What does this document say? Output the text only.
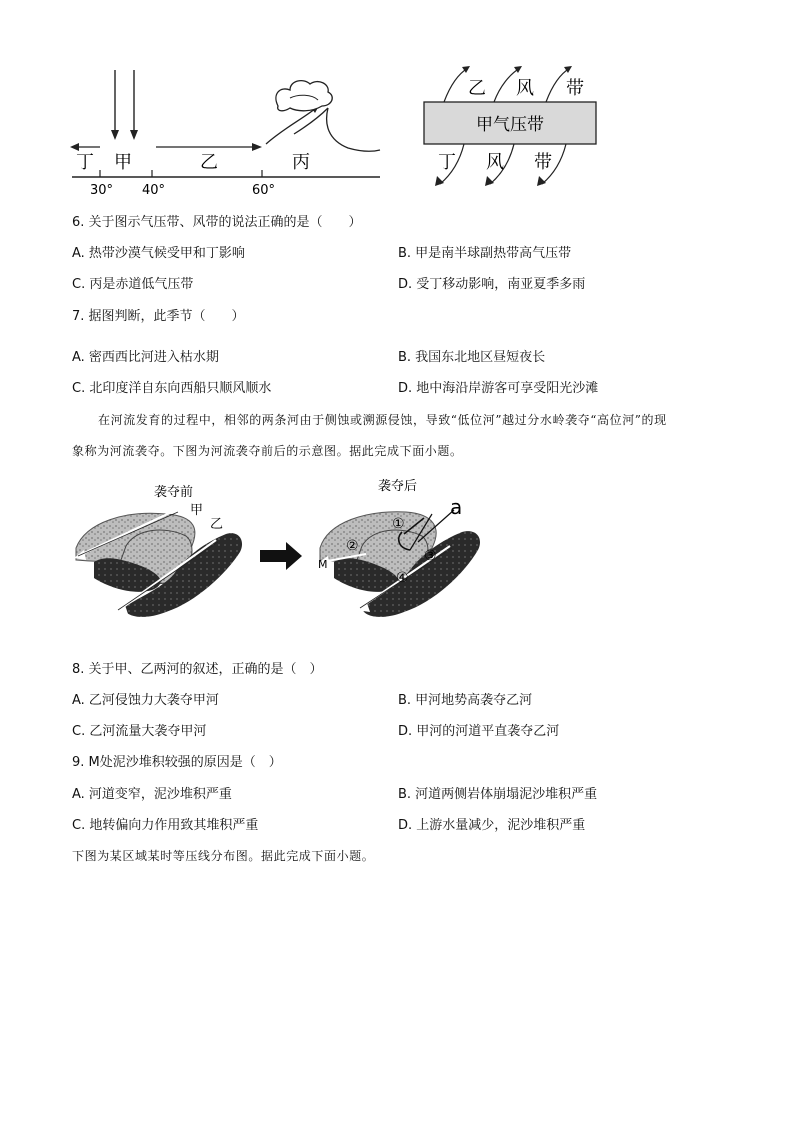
丁 甲	乙	丙
30° 40°	60°
甲气压带
乙 风 带
丁 风 带
6. 关于图示气压带、风带的说法正确的是（　　）
A. 热带沙漠气候受甲和丁影响	B. 甲是南半球副热带高气压带
C. 丙是赤道低气压带	D. 受丁移动影响，南亚夏季多雨
7. 据图判断，此季节（　　）
A. 密西西比河进入枯水期	B. 我国东北地区昼短夜长
C. 北印度洋自东向西船只顺风顺水	D. 地中海沿岸游客可享受阳光沙滩
在河流发育的过程中，相邻的两条河由于侧蚀或溯源侵蚀，导致“低位河”越过分水岭袭夺“高位河”的现
象称为河流袭夺。下图为河流袭夺前后的示意图。据此完成下面小题。
袭夺前
甲
乙
袭夺后
a
①
②
③
④
M
8. 关于甲、乙两河的叙述，正确的是（　）
A. 乙河侵蚀力大袭夺甲河	B. 甲河地势高袭夺乙河
C. 乙河流量大袭夺甲河	D. 甲河的河道平直袭夺乙河
9. M处泥沙堆积较强的原因是（　）
A. 河道变窄，泥沙堆积严重	B. 河道两侧岩体崩塌泥沙堆积严重
C. 地转偏向力作用致其堆积严重	D. 上游水量减少，泥沙堆积严重
下图为某区域某时等压线分布图。据此完成下面小题。
